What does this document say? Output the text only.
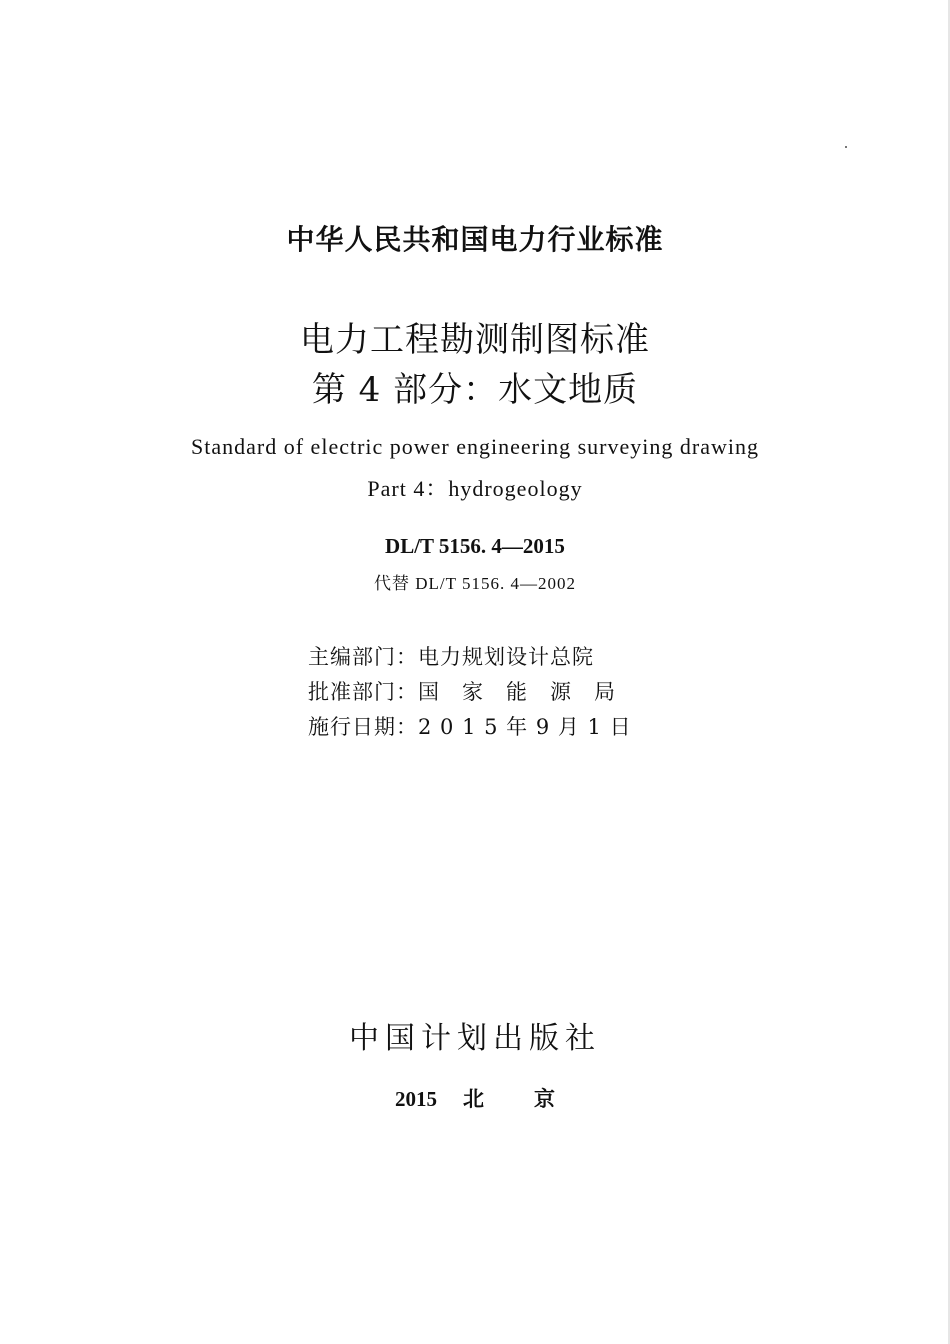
中华人民共和国电力行业标准
电力工程勘测制图标准
第 4 部分：水文地质
Standard of electric power engineering surveying drawing
Part 4：hydrogeology
DL/T 5156. 4—2015
代替 DL/T 5156. 4—2002
主编部门：电力规划设计总院
批准部门：国　家　能　源　局
施行日期：2 0 1 5 年 9 月 1 日
中国计划出版社
2015 北 京
